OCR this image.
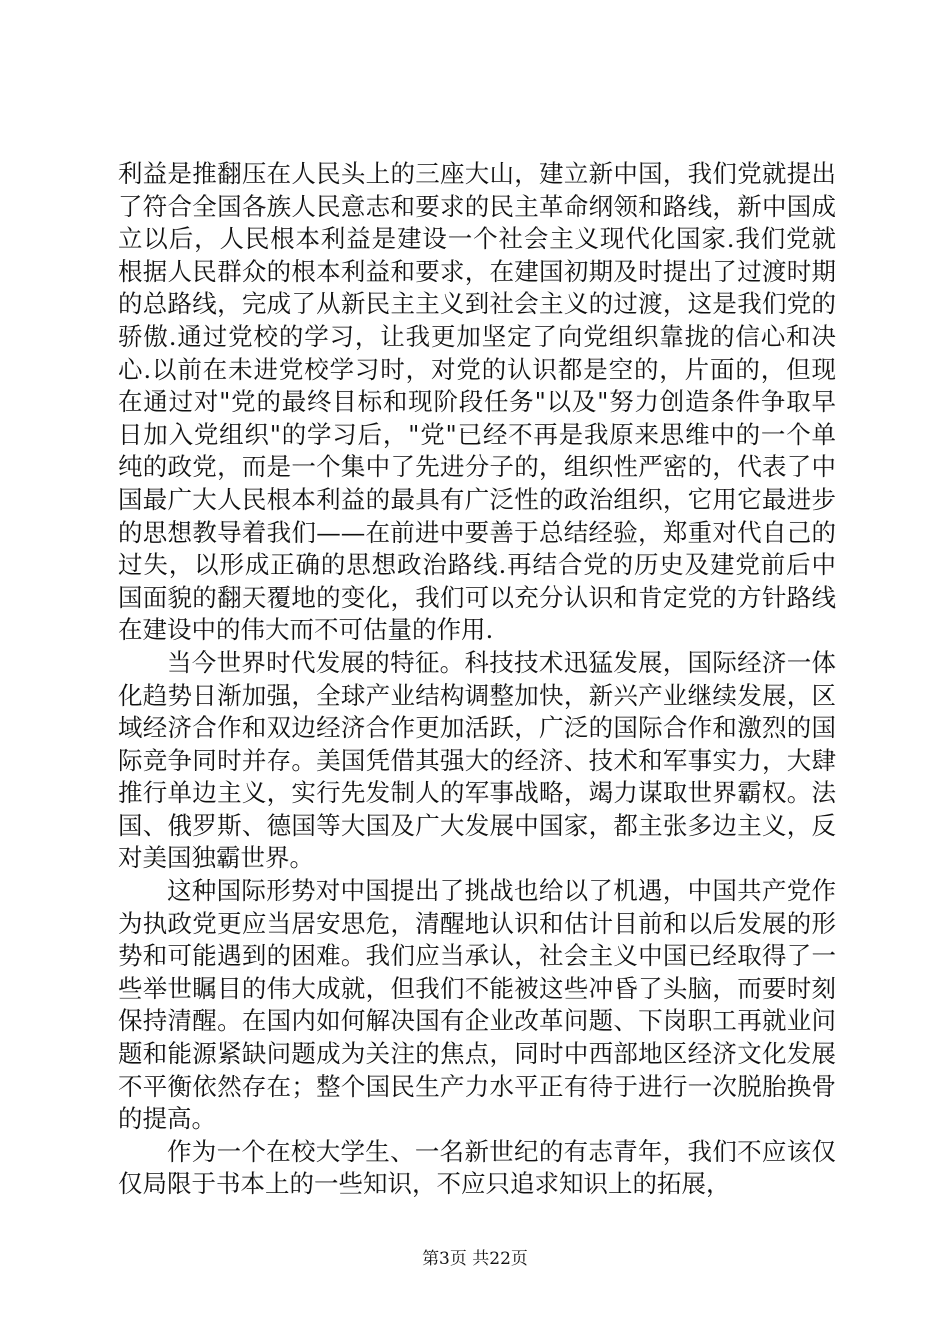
利益是推翻压在人民头上的三座大山，建立新中国，我们党就提出了符合全国各族人民意志和要求的民主革命纲领和路线，新中国成立以后，人民根本利益是建设一个社会主义现代化国家.我们党就根据人民群众的根本利益和要求，在建国初期及时提出了过渡时期的总路线，完成了从新民主主义到社会主义的过渡，这是我们党的骄傲.通过党校的学习，让我更加坚定了向党组织靠拢的信心和决心.以前在未进党校学习时，对党的认识都是空的，片面的，但现在通过对"党的最终目标和现阶段任务"以及"努力创造条件争取早日加入党组织"的学习后，"党"已经不再是我原来思维中的一个单纯的政党，而是一个集中了先进分子的，组织性严密的，代表了中国最广大人民根本利益的最具有广泛性的政治组织，它用它最进步的思想教导着我们——在前进中要善于总结经验，郑重对代自己的过失，以形成正确的思想政治路线.再结合党的历史及建党前后中国面貌的翻天覆地的变化，我们可以充分认识和肯定党的方针路线在建设中的伟大而不可估量的作用.

当今世界时代发展的特征。科技技术迅猛发展，国际经济一体化趋势日渐加强，全球产业结构调整加快，新兴产业继续发展，区域经济合作和双边经济合作更加活跃，广泛的国际合作和激烈的国际竞争同时并存。美国凭借其强大的经济、技术和军事实力，大肆推行单边主义，实行先发制人的军事战略，竭力谋取世界霸权。法国、俄罗斯、德国等大国及广大发展中国家，都主张多边主义，反对美国独霸世界。

这种国际形势对中国提出了挑战也给以了机遇，中国共产党作为执政党更应当居安思危，清醒地认识和估计目前和以后发展的形势和可能遇到的困难。我们应当承认，社会主义中国已经取得了一些举世瞩目的伟大成就，但我们不能被这些冲昏了头脑，而要时刻保持清醒。在国内如何解决国有企业改革问题、下岗职工再就业问题和能源紧缺问题成为关注的焦点，同时中西部地区经济文化发展不平衡依然存在；整个国民生产力水平正有待于进行一次脱胎换骨的提高。

作为一个在校大学生、一名新世纪的有志青年，我们不应该仅仅局限于书本上的一些知识，不应只追求知识上的拓展，

第3页 共22页
